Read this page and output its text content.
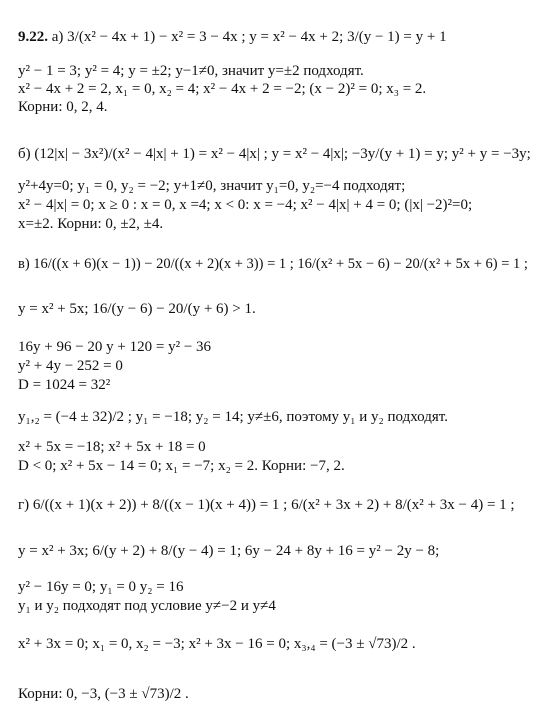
9.22. а) 3/(x² − 4x + 1) − x² = 3 − 4x ; y = x² − 4x + 2; 3/(y − 1) = y + 1
y² − 1 = 3; y² = 4; y = ±2; y−1≠0, значит y=±2 подходят.
x² − 4x + 2 = 2, x₁ = 0, x₂ = 4; x² − 4x + 2 = −2; (x − 2)² = 0; x₃ = 2.
Корни: 0, 2, 4.
б) (12|x| − 3x²)/(x² − 4|x| + 1) = x² − 4|x| ; y = x² − 4|x|; −3y/(y + 1) = y; y² + y = −3y;
y²+4y=0; y₁ = 0, y₂ = −2; y+1≠0, значит y₁=0, y₂=−4 подходят;
x² − 4|x| = 0; x ≥ 0 : x = 0, x =4; x < 0: x = −4; x² − 4|x| + 4 = 0; (|x| −2)²=0;
x=±2. Корни: 0, ±2, ±4.
в) 16/((x + 6)(x − 1)) − 20/((x + 2)(x + 3)) = 1 ; 16/(x² + 5x − 6) − 20/(x² + 5x + 6) = 1 ;
y = x² + 5x; 16/(y − 6) − 20/(y + 6) > 1.
16y + 96 − 20 y + 120 = y² − 36
y² + 4y − 252 = 0
D = 1024 = 32²
y₁,₂ = (−4 ± 32)/2 ; y₁ = −18; y₂ = 14; y≠±6, поэтому y₁ и y₂ подходят.
x² + 5x = −18; x² + 5x + 18 = 0
D < 0; x² + 5x − 14 = 0; x₁ = −7; x₂ = 2. Корни: −7, 2.
г) 6/((x + 1)(x + 2)) + 8/((x − 1)(x + 4)) = 1 ; 6/(x² + 3x + 2) + 8/(x² + 3x − 4) = 1 ;
y = x² + 3x; 6/(y + 2) + 8/(y − 4) = 1; 6y − 24 + 8y + 16 = y² − 2y − 8;
y² − 16y = 0; y₁ = 0 y₂ = 16
y₁ и y₂ подходят под условие y≠−2 и y≠4
x² + 3x = 0; x₁ = 0, x₂ = −3; x² + 3x − 16 = 0; x₃,₄ = (−3 ± √73)/2 .
Корни: 0, −3, (−3 ± √73)/2 .
